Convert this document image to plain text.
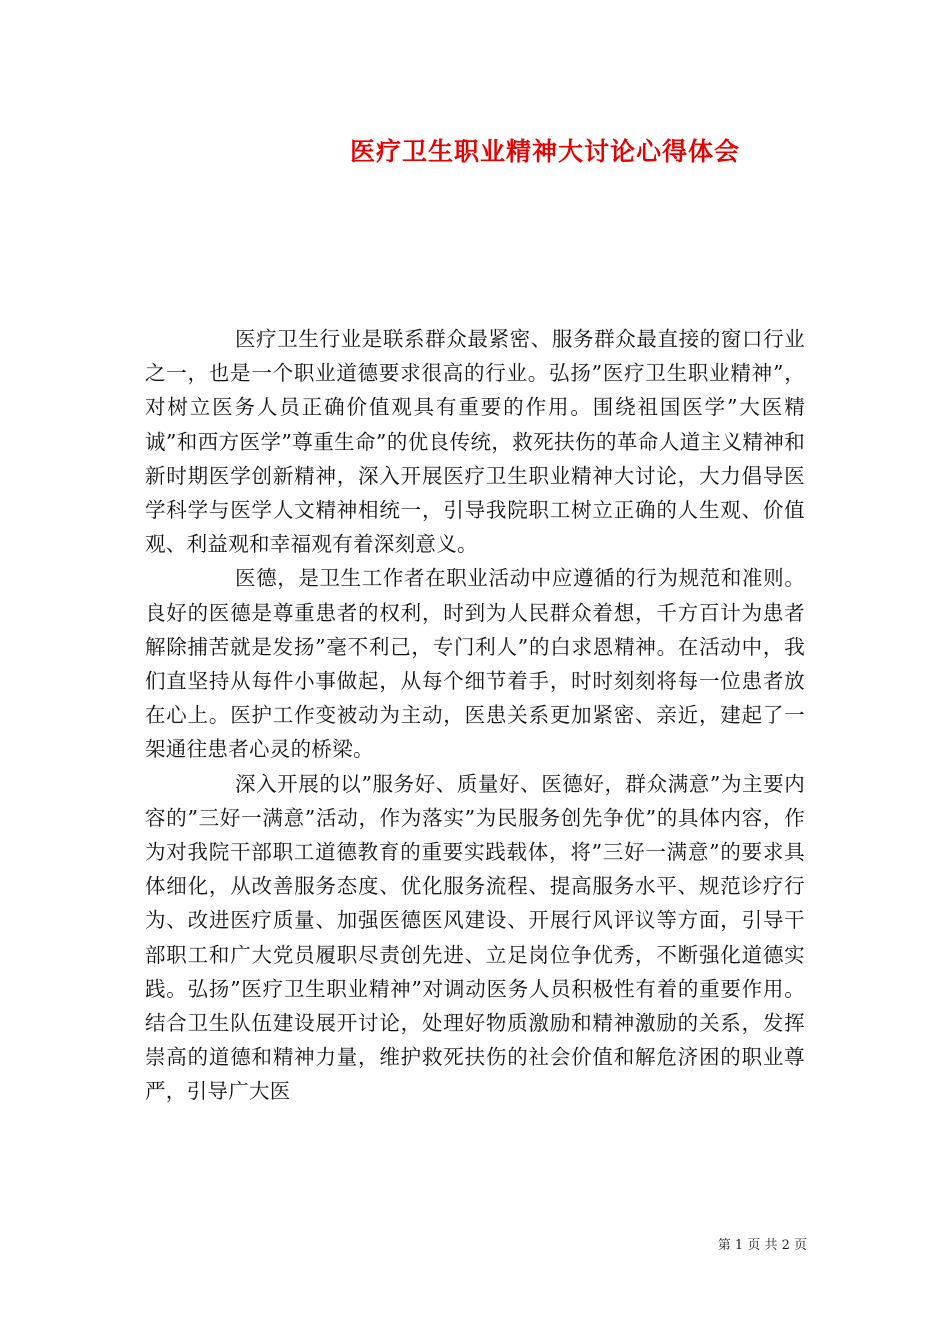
医疗卫生职业精神大讨论心得体会

医疗卫生行业是联系群众最紧密、服务群众最直接的窗口行业之一，也是一个职业道德要求很高的行业。弘扬”医疗卫生职业精神”，对树立医务人员正确价值观具有重要的作用。围绕祖国医学”大医精诚”和西方医学”尊重生命”的优良传统，救死扶伤的革命人道主义精神和新时期医学创新精神，深入开展医疗卫生职业精神大讨论，大力倡导医学科学与医学人文精神相统一，引导我院职工树立正确的人生观、价值观、利益观和幸福观有着深刻意义。

医德，是卫生工作者在职业活动中应遵循的行为规范和准则。良好的医德是尊重患者的权利，时到为人民群众着想，千方百计为患者解除捕苦就是发扬”毫不利己，专门利人”的白求恩精神。在活动中，我们直坚持从每件小事做起，从每个细节着手，时时刻刻将每一位患者放在心上。医护工作变被动为主动，医患关系更加紧密、亲近，建起了一架通往患者心灵的桥梁。

深入开展的以”服务好、质量好、医德好，群众满意”为主要内容的”三好一满意”活动，作为落实”为民服务创先争优”的具体内容，作为对我院干部职工道德教育的重要实践载体，将”三好一满意”的要求具体细化，从改善服务态度、优化服务流程、提高服务水平、规范诊疗行为、改进医疗质量、加强医德医风建设、开展行风评议等方面，引导干部职工和广大党员履职尽责创先进、立足岗位争优秀，不断强化道德实践。弘扬”医疗卫生职业精神”对调动医务人员积极性有着的重要作用。结合卫生队伍建设展开讨论，处理好物质激励和精神激励的关系，发挥崇高的道德和精神力量，维护救死扶伤的社会价值和解危济困的职业尊严，引导广大医

第 1 页 共 2 页
